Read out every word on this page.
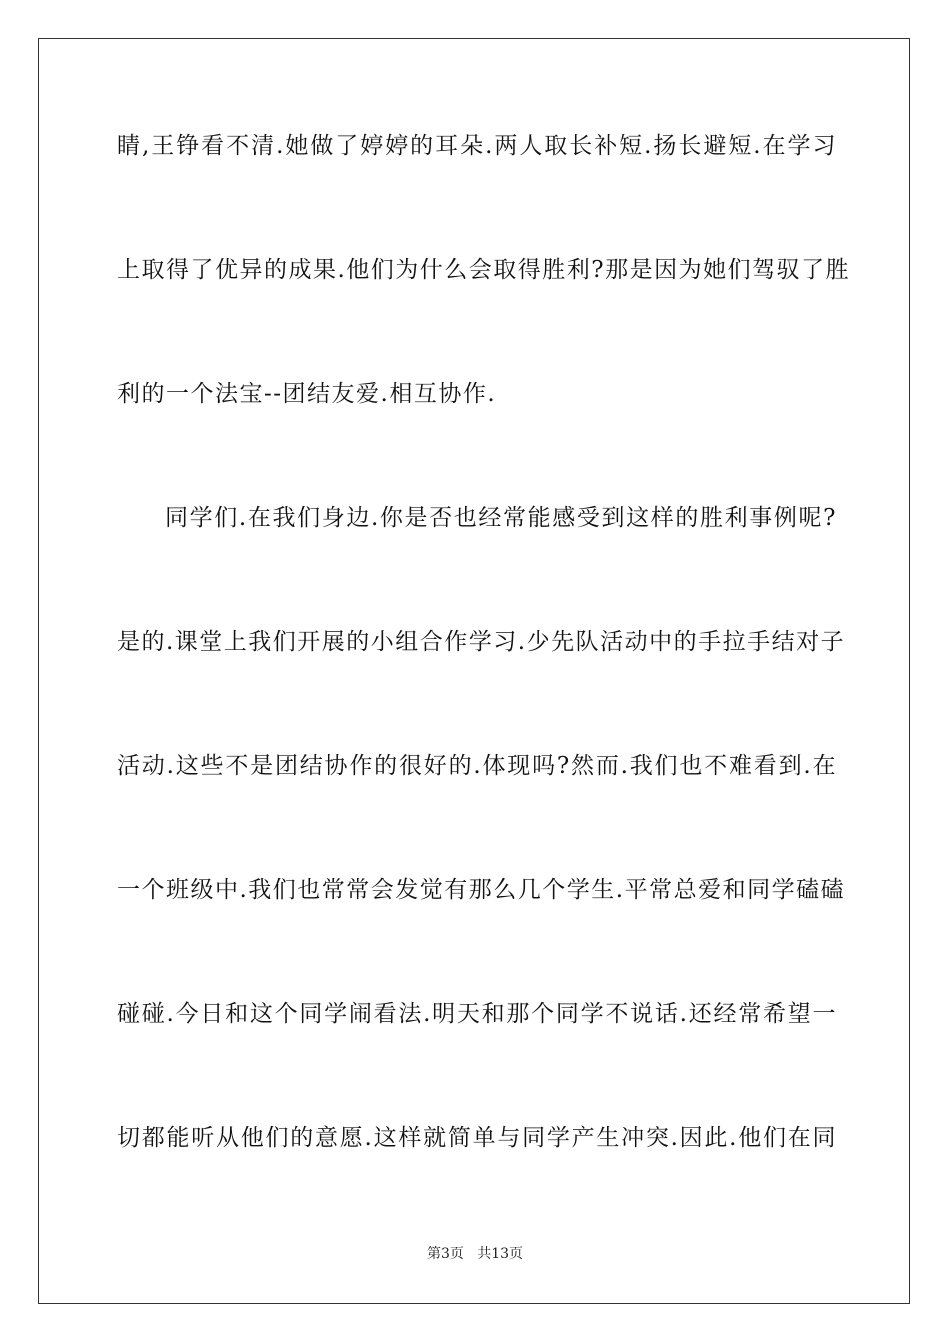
睛,王铮看不清.她做了婷婷的耳朵.两人取长补短.扬长避短.在学习
上取得了优异的成果.他们为什么会取得胜利?那是因为她们驾驭了胜
利的一个法宝--团结友爱.相互协作.
同学们.在我们身边.你是否也经常能感受到这样的胜利事例呢?
是的.课堂上我们开展的小组合作学习.少先队活动中的手拉手结对子
活动.这些不是团结协作的很好的.体现吗?然而.我们也不难看到.在
一个班级中.我们也常常会发觉有那么几个学生.平常总爱和同学磕磕
碰碰.今日和这个同学闹看法.明天和那个同学不说话.还经常希望一
切都能听从他们的意愿.这样就简单与同学产生冲突.因此.他们在同
第3页   共13页
